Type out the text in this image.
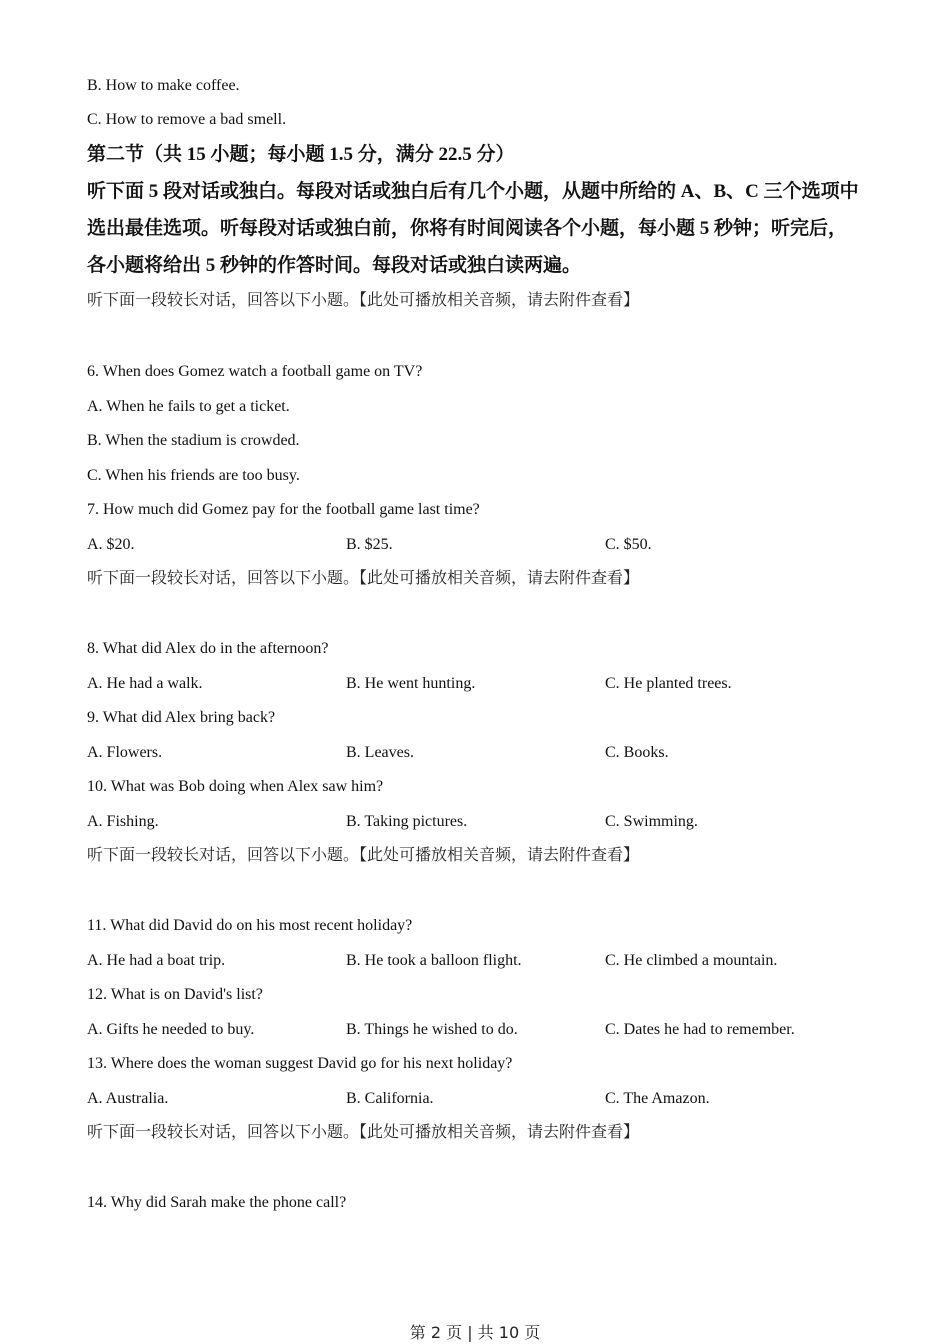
B. How to make coffee.
C. How to remove a bad smell.
第二节（共 15 小题；每小题 1.5 分，满分 22.5 分）
听下面 5 段对话或独白。每段对话或独白后有几个小题，从题中所给的 A、B、C 三个选项中
选出最佳选项。听每段对话或独白前，你将有时间阅读各个小题，每小题 5 秒钟；听完后，
各小题将给出 5 秒钟的作答时间。每段对话或独白读两遍。
听下面一段较长对话，回答以下小题。【此处可播放相关音频，请去附件查看】
6. When does Gomez watch a football game on TV?
A. When he fails to get a ticket.
B. When the stadium is crowded.
C. When his friends are too busy.
7. How much did Gomez pay for the football game last time?
A. $20.	B. $25.	C. $50.
听下面一段较长对话，回答以下小题。【此处可播放相关音频，请去附件查看】
8. What did Alex do in the afternoon?
A. He had a walk.	B. He went hunting.	C. He planted trees.
9. What did Alex bring back?
A. Flowers.	B. Leaves.	C. Books.
10. What was Bob doing when Alex saw him?
A. Fishing.	B. Taking pictures.	C. Swimming.
听下面一段较长对话，回答以下小题。【此处可播放相关音频，请去附件查看】
11. What did David do on his most recent holiday?
A. He had a boat trip.	B. He took a balloon flight.	C. He climbed a mountain.
12. What is on David's list?
A. Gifts he needed to buy.	B. Things he wished to do.	C. Dates he had to remember.
13. Where does the woman suggest David go for his next holiday?
A. Australia.	B. California.	C. The Amazon.
听下面一段较长对话，回答以下小题。【此处可播放相关音频，请去附件查看】
14. Why did Sarah make the phone call?
第 2 页 | 共 10 页
